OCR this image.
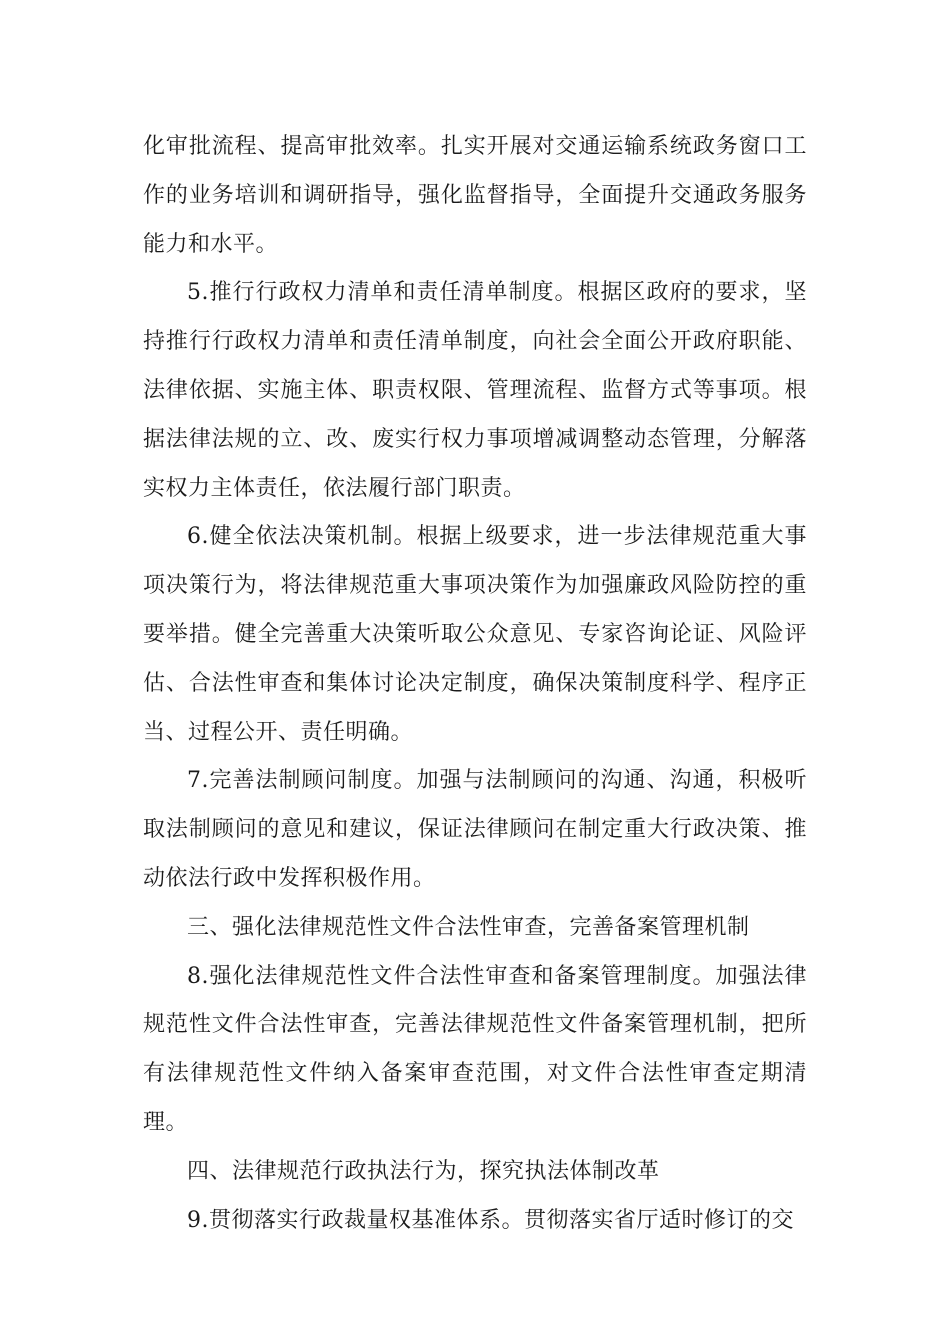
化审批流程、提高审批效率。扎实开展对交通运输系统政务窗口工作的业务培训和调研指导，强化监督指导，全面提升交通政务服务能力和水平。

5.推行行政权力清单和责任清单制度。根据区政府的要求，坚持推行行政权力清单和责任清单制度，向社会全面公开政府职能、法律依据、实施主体、职责权限、管理流程、监督方式等事项。根据法律法规的立、改、废实行权力事项增减调整动态管理，分解落实权力主体责任，依法履行部门职责。

6.健全依法决策机制。根据上级要求，进一步法律规范重大事项决策行为，将法律规范重大事项决策作为加强廉政风险防控的重要举措。健全完善重大决策听取公众意见、专家咨询论证、风险评估、合法性审查和集体讨论决定制度，确保决策制度科学、程序正当、过程公开、责任明确。

7.完善法制顾问制度。加强与法制顾问的沟通、沟通，积极听取法制顾问的意见和建议，保证法律顾问在制定重大行政决策、推动依法行政中发挥积极作用。

三、强化法律规范性文件合法性审查，完善备案管理机制

8.强化法律规范性文件合法性审查和备案管理制度。加强法律规范性文件合法性审查，完善法律规范性文件备案管理机制，把所有法律规范性文件纳入备案审查范围，对文件合法性审查定期清理。

四、法律规范行政执法行为，探究执法体制改革

9.贯彻落实行政裁量权基准体系。贯彻落实省厅适时修订的交
